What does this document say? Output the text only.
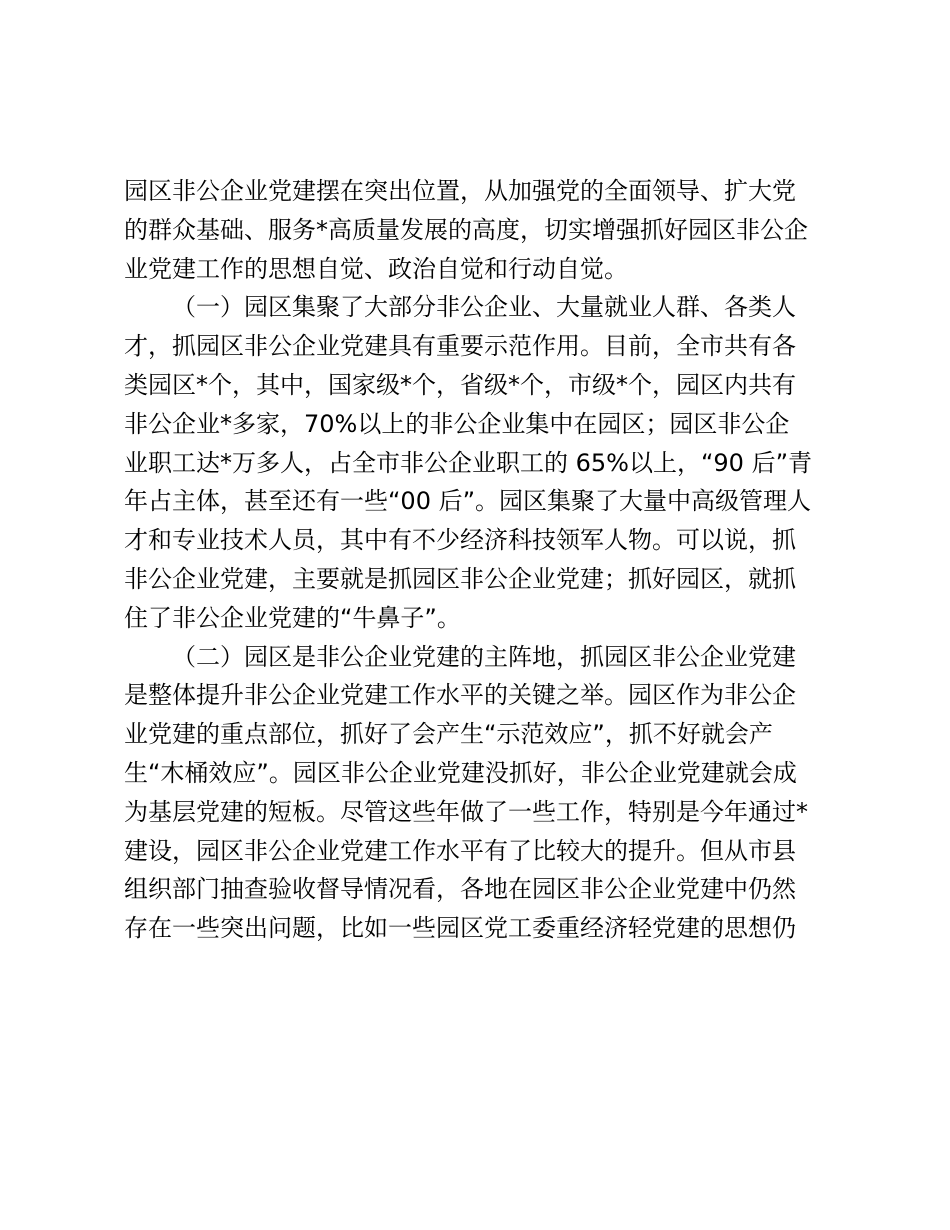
园区非公企业党建摆在突出位置，从加强党的全面领导、扩大党
的群众基础、服务*高质量发展的高度，切实增强抓好园区非公企
业党建工作的思想自觉、政治自觉和行动自觉。
（一）园区集聚了大部分非公企业、大量就业人群、各类人
才，抓园区非公企业党建具有重要示范作用。目前，全市共有各
类园区*个，其中，国家级*个，省级*个，市级*个，园区内共有
非公企业*多家，70%以上的非公企业集中在园区；园区非公企
业职工达*万多人，占全市非公企业职工的 65%以上，“90 后”青
年占主体，甚至还有一些“00 后”。园区集聚了大量中高级管理人
才和专业技术人员，其中有不少经济科技领军人物。可以说，抓
非公企业党建，主要就是抓园区非公企业党建；抓好园区，就抓
住了非公企业党建的“牛鼻子”。
（二）园区是非公企业党建的主阵地，抓园区非公企业党建
是整体提升非公企业党建工作水平的关键之举。园区作为非公企
业党建的重点部位，抓好了会产生“示范效应”，抓不好就会产
生“木桶效应”。园区非公企业党建没抓好，非公企业党建就会成
为基层党建的短板。尽管这些年做了一些工作，特别是今年通过*
建设，园区非公企业党建工作水平有了比较大的提升。但从市县
组织部门抽查验收督导情况看，各地在园区非公企业党建中仍然
存在一些突出问题，比如一些园区党工委重经济轻党建的思想仍
